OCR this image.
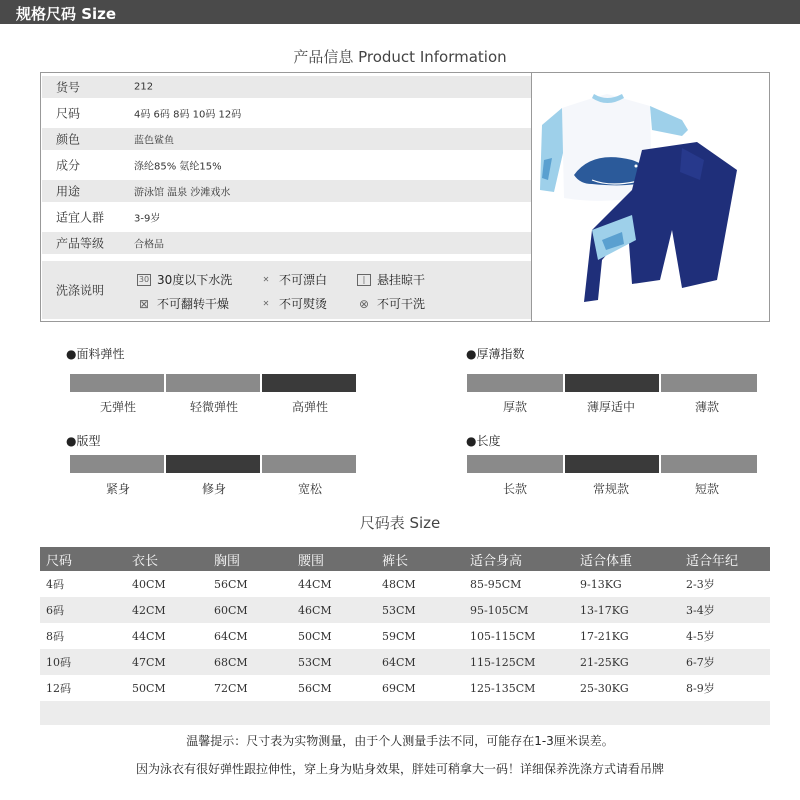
规格尺码 Size
产品信息 Product Information
货号	212
尺码	4码 6码 8码 10码 12码
颜色	蓝色鲨鱼
成分	涤纶85% 氨纶15%
用途	游泳馆 温泉 沙滩戏水
适宜人群	3-9岁
产品等级	合格品
洗涤说明
30 30度以下水洗	✕ 不可漂白	| 悬挂晾干
⊠ 不可翻转干燥	✕ 不可熨烫	⊗ 不可干洗
●面料弹性
无弹性	轻微弹性	高弹性
●厚薄指数
厚款	薄厚适中	薄款
●版型
紧身	修身	宽松
●长度
长款	常规款	短款
尺码表 Size
尺码	衣长	胸围	腰围	裤长	适合身高	适合体重	适合年纪
4码	40CM	56CM	44CM	48CM	85-95CM	9-13KG	2-3岁
6码	42CM	60CM	46CM	53CM	95-105CM	13-17KG	3-4岁
8码	44CM	64CM	50CM	59CM	105-115CM	17-21KG	4-5岁
10码	47CM	68CM	53CM	64CM	115-125CM	21-25KG	6-7岁
12码	50CM	72CM	56CM	69CM	125-135CM	25-30KG	8-9岁

温馨提示：尺寸表为实物测量，由于个人测量手法不同，可能存在1-3厘米误差。
因为泳衣有很好弹性跟拉伸性，穿上身为贴身效果，胖娃可稍拿大一码！详细保养洗涤方式请看吊牌
